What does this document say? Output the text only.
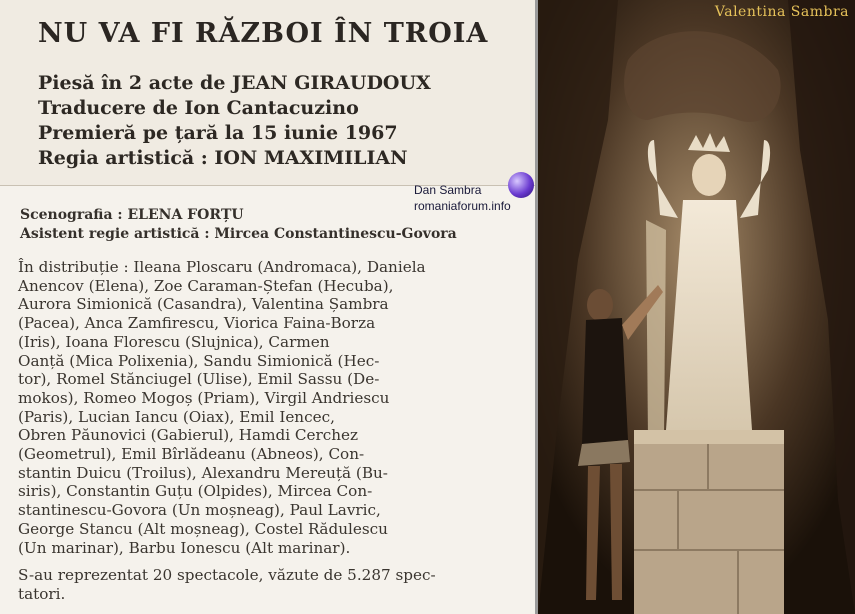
NU VA FI RĂZBOI ÎN TROIA
Piesă în 2 acte de JEAN GIRAUDOUX
Traducere de Ion Cantacuzino
Premieră pe țară la 15 iunie 1967
Regia artistică : ION MAXIMILIAN
Scenografia : ELENA FORȚU
Asistent regie artistică : Mircea Constantinescu-Govora
În distribuție : Ileana Ploscaru (Andromaca), Daniela
Anencov (Elena), Zoe Caraman-Ștefan (Hecuba),
Aurora Simionică (Casandra), Valentina Șambra
(Pacea), Anca Zamfirescu, Viorica Faina-Borza
(Iris), Ioana Florescu (Slujnica), Carmen
Oanță (Mica Polixenia), Sandu Simionică (Hec-
tor), Romel Stănciugel (Ulise), Emil Sassu (De-
mokos), Romeo Mogoș (Priam), Virgil Andriescu
(Paris), Lucian Iancu (Oiax), Emil Iencec,
Obren Păunovici (Gabierul), Hamdi Cerchez
(Geometrul), Emil Bîrlădeanu (Abneos), Con-
stantin Duicu (Troilus), Alexandru Mereuță (Bu-
siris), Constantin Guțu (Olpides), Mircea Con-
stantinescu-Govora (Un moșneag), Paul Lavric,
George Stancu (Alt moșneag), Costel Rădulescu
(Un marinar), Barbu Ionescu (Alt marinar).
S-au reprezentat 20 spectacole, văzute de 5.287 spec-
tatori.
Dan Sambra
romaniaforum.info
Valentina Sambra
